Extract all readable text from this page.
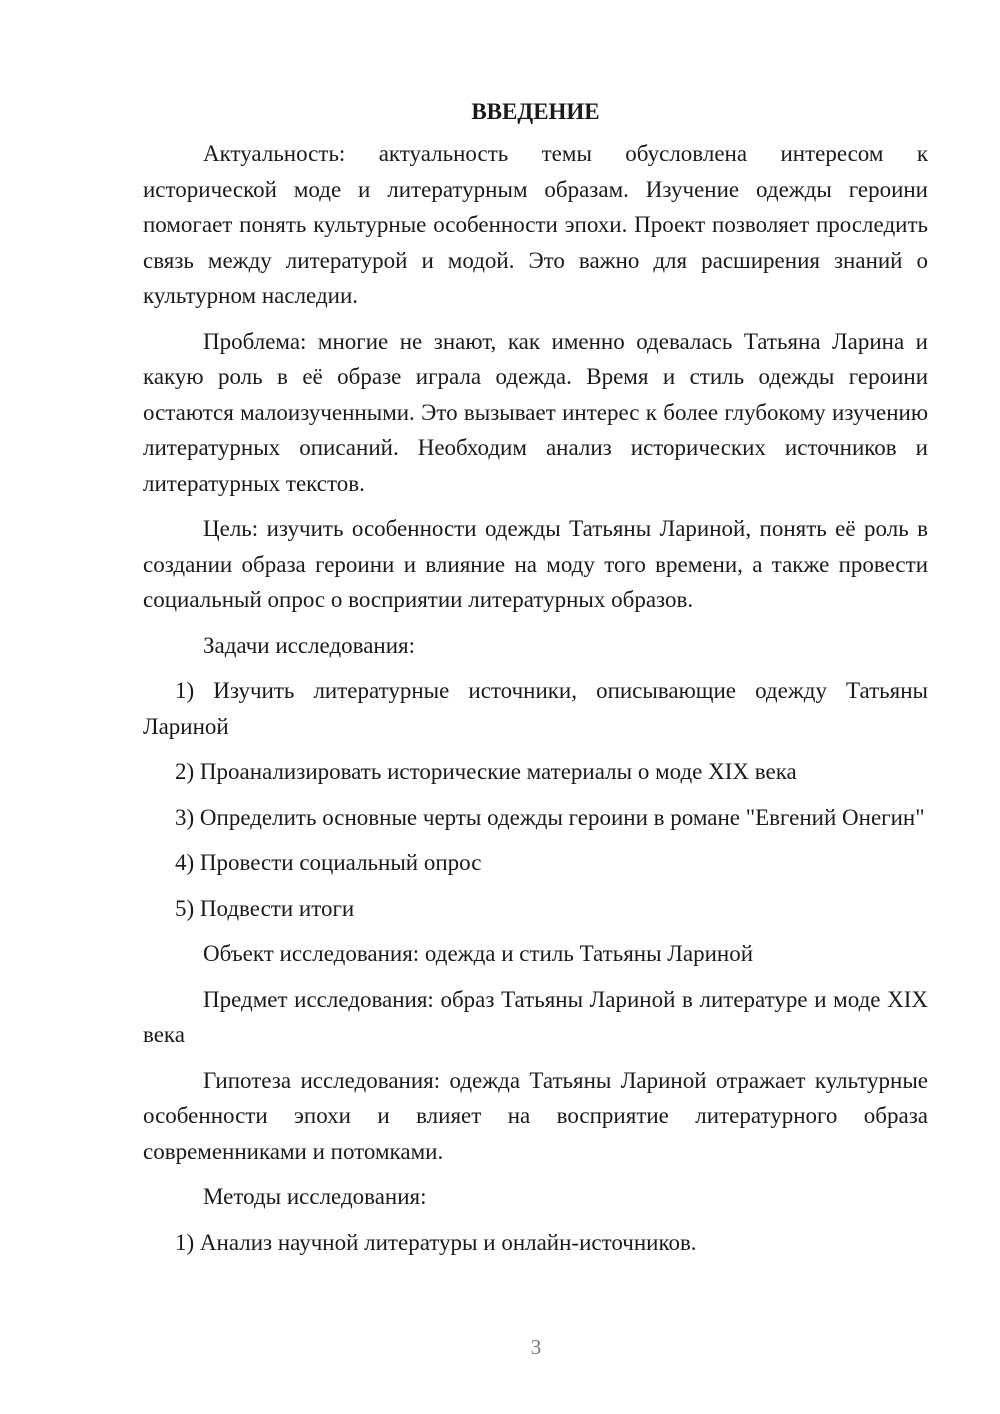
ВВЕДЕНИЕ
Актуальность: актуальность темы обусловлена интересом к исторической моде и литературным образам. Изучение одежды героини помогает понять культурные особенности эпохи. Проект позволяет проследить связь между литературой и модой. Это важно для расширения знаний о культурном наследии.
Проблема: многие не знают, как именно одевалась Татьяна Ларина и какую роль в её образе играла одежда. Время и стиль одежды героини остаются малоизученными. Это вызывает интерес к более глубокому изучению литературных описаний. Необходим анализ исторических источников и литературных текстов.
Цель: изучить особенности одежды Татьяны Лариной, понять её роль в создании образа героини и влияние на моду того времени, а также провести социальный опрос о восприятии литературных образов.
Задачи исследования:
1) Изучить литературные источники, описывающие одежду Татьяны Лариной
2) Проанализировать исторические материалы о моде XIX века
3) Определить основные черты одежды героини в романе "Евгений Онегин"
4) Провести социальный опрос
5) Подвести итоги
Объект исследования: одежда и стиль Татьяны Лариной
Предмет исследования: образ Татьяны Лариной в литературе и моде XIX века
Гипотеза исследования: одежда Татьяны Лариной отражает культурные особенности эпохи и влияет на восприятие литературного образа современниками и потомками.
Методы исследования:
1) Анализ научной литературы и онлайн-источников.
3
